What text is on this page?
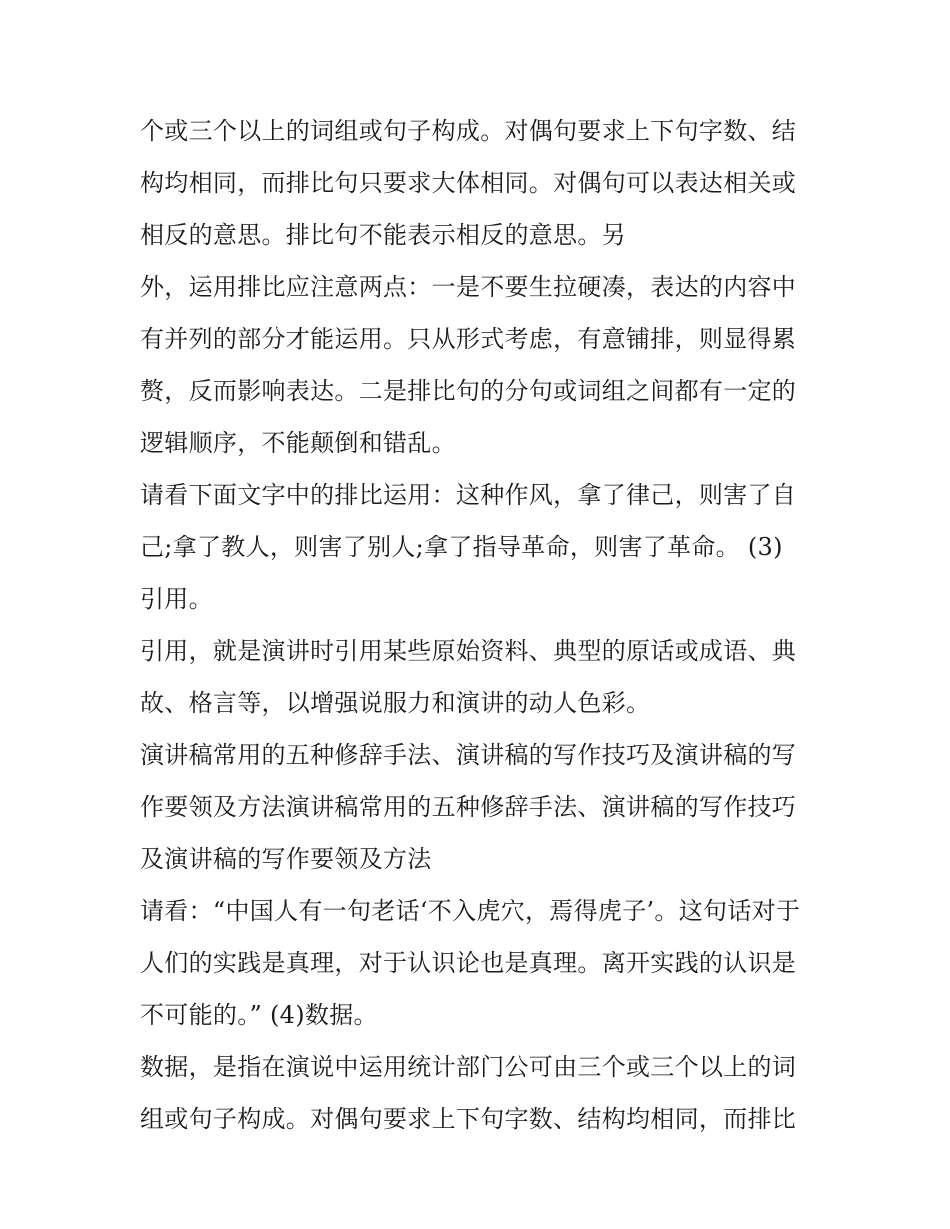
个或三个以上的词组或句子构成。对偶句要求上下句字数、结
构均相同，而排比句只要求大体相同。对偶句可以表达相关或
相反的意思。排比句不能表示相反的意思。另
外，运用排比应注意两点：一是不要生拉硬凑，表达的内容中
有并列的部分才能运用。只从形式考虑，有意铺排，则显得累
赘，反而影响表达。二是排比句的分句或词组之间都有一定的
逻辑顺序，不能颠倒和错乱。
请看下面文字中的排比运用：这种作风，拿了律己，则害了自
己;拿了教人，则害了别人;拿了指导革命，则害了革命。 (3)
引用。
引用，就是演讲时引用某些原始资料、典型的原话或成语、典
故、格言等，以增强说服力和演讲的动人色彩。
演讲稿常用的五种修辞手法、演讲稿的写作技巧及演讲稿的写
作要领及方法演讲稿常用的五种修辞手法、演讲稿的写作技巧
及演讲稿的写作要领及方法
请看：“中国人有一句老话‘不入虎穴，焉得虎子’。这句话对于
人们的实践是真理，对于认识论也是真理。离开实践的认识是
不可能的。” (4)数据。
数据，是指在演说中运用统计部门公可由三个或三个以上的词
组或句子构成。对偶句要求上下句字数、结构均相同，而排比
